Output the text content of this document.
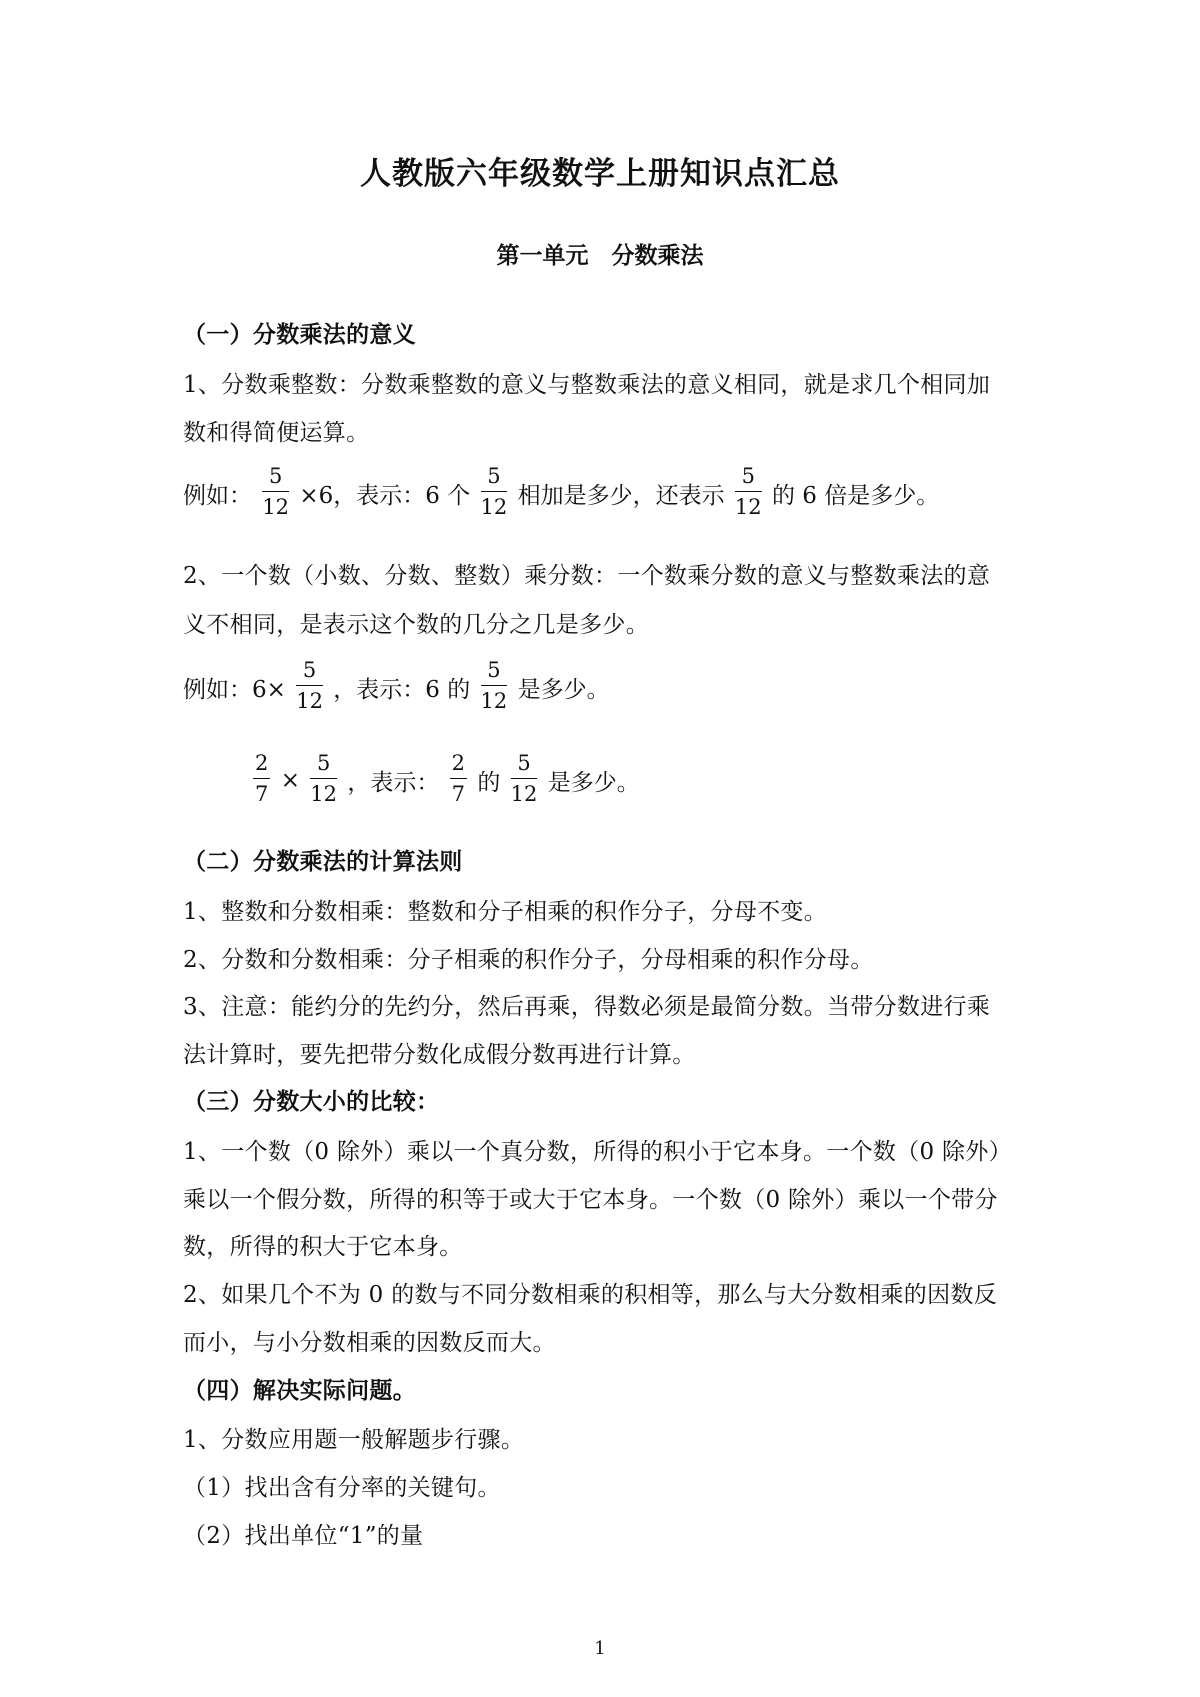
人教版六年级数学上册知识点汇总
第一单元　分数乘法
（一）分数乘法的意义
1、分数乘整数：分数乘整数的意义与整数乘法的意义相同，就是求几个相同加
数和得简便运算。
例如： $\frac{5}{12} \times 6$，表示：6 个 $\frac{5}{12}$ 相加是多少，还表示 $\frac{5}{12}$ 的 6 倍是多少。
2、一个数（小数、分数、整数）乘分数：一个数乘分数的意义与整数乘法的意
义不相同，是表示这个数的几分之几是多少。
例如：$6\times \frac{5}{12}$ ，表示：6 的 $\frac{5}{12}$ 是多少。
$\frac{2}{7} \times \frac{5}{12}$ ，表示： $\frac{2}{7}$ 的 $\frac{5}{12}$ 是多少。
（二）分数乘法的计算法则
1、整数和分数相乘：整数和分子相乘的积作分子，分母不变。
2、分数和分数相乘：分子相乘的积作分子，分母相乘的积作分母。
3、注意：能约分的先约分，然后再乘，得数必须是最简分数。当带分数进行乘
法计算时，要先把带分数化成假分数再进行计算。
（三）分数大小的比较：
1、一个数（0 除外）乘以一个真分数，所得的积小于它本身。一个数（0 除外）
乘以一个假分数，所得的积等于或大于它本身。一个数（0 除外）乘以一个带分
数，所得的积大于它本身。
2、如果几个不为 0 的数与不同分数相乘的积相等，那么与大分数相乘的因数反
而小，与小分数相乘的因数反而大。
（四）解决实际问题。
1、分数应用题一般解题步行骤。
（1）找出含有分率的关键句。
（2）找出单位“1”的量
1
